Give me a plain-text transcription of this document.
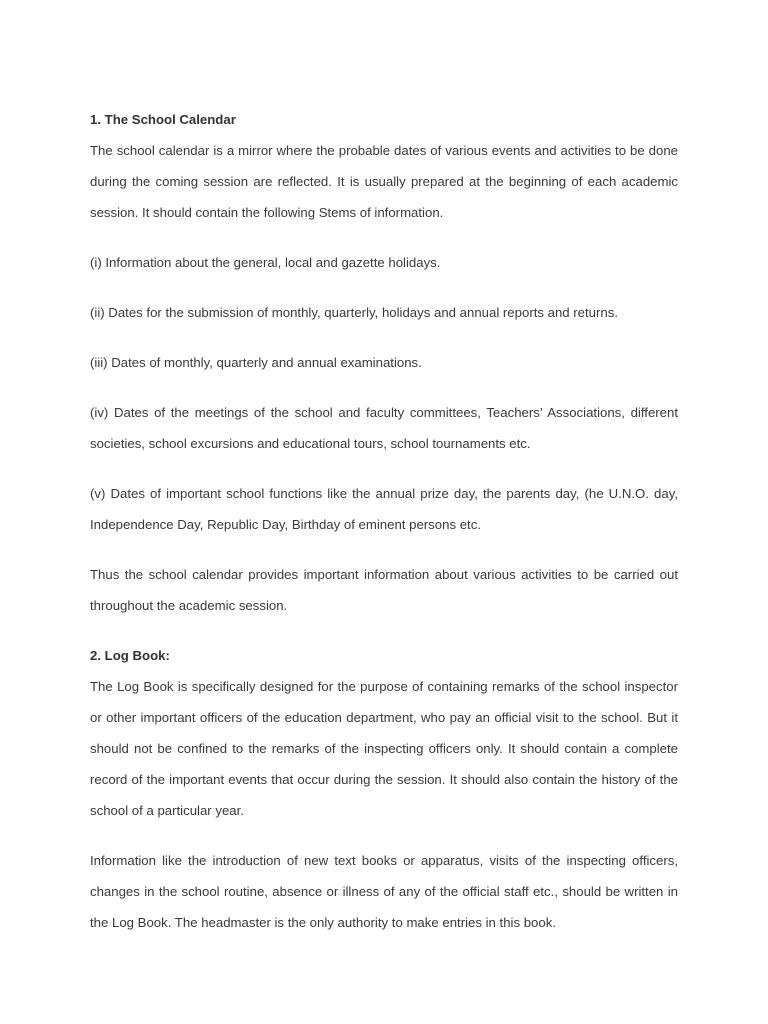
1. The School Calendar

The school calendar is a mirror where the probable dates of various events and activities to be done during the coming session are reflected. It is usually prepared at the beginning of each academic session. It should contain the following Stems of information.

(i) Information about the general, local and gazette holidays.

(ii) Dates for the submission of monthly, quarterly, holidays and annual reports and returns.

(iii) Dates of monthly, quarterly and annual examinations.

(iv) Dates of the meetings of the school and faculty committees, Teachers’ Associations, different societies, school excursions and educational tours, school tournaments etc.

(v) Dates of important school functions like the annual prize day, the parents day, (he U.N.O. day, Independence Day, Republic Day, Birthday of eminent persons etc.

Thus the school calendar provides important information about various activities to be carried out throughout the academic session.

2. Log Book:

The Log Book is specifically designed for the purpose of containing remarks of the school inspector or other important officers of the education department, who pay an official visit to the school. But it should not be confined to the remarks of the inspecting officers only. It should contain a complete record of the important events that occur during the session. It should also contain the history of the school of a particular year.

Information like the introduction of new text books or apparatus, visits of the inspecting officers, changes in the school routine, absence or illness of any of the official staff etc., should be written in the Log Book. The headmaster is the only authority to make entries in this book.
